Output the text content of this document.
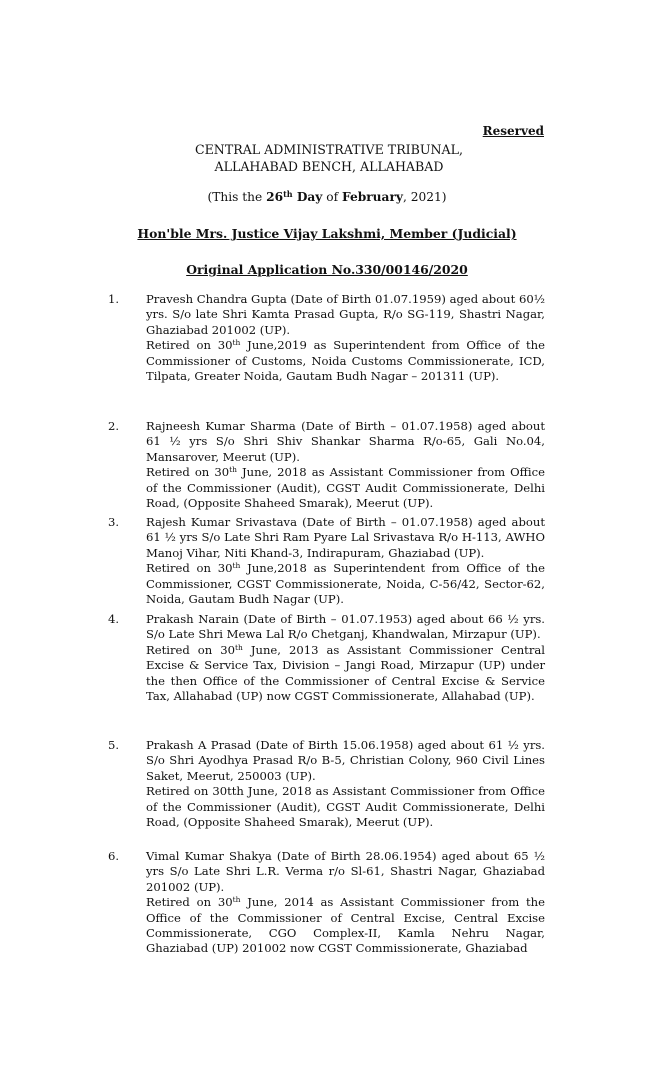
Reserved
CENTRAL ADMINISTRATIVE TRIBUNAL,
ALLAHABAD BENCH, ALLAHABAD
(This the 26th Day of February, 2021)
Hon'ble Mrs. Justice Vijay Lakshmi, Member (Judicial)
Original Application No.330/00146/2020
1. Pravesh Chandra Gupta (Date of Birth 01.07.1959) aged about 60½ yrs. S/o late Shri Kamta Prasad Gupta, R/o SG-119, Shastri Nagar, Ghaziabad 201002 (UP).

Retired on 30th June,2019 as Superintendent from Office of the Commissioner of Customs, Noida Customs Commissionerate, ICD, Tilpata, Greater Noida, Gautam Budh Nagar – 201311 (UP).

2. Rajneesh Kumar Sharma (Date of Birth – 01.07.1958) aged about 61 ½ yrs S/o Shri Shiv Shankar Sharma R/o-65, Gali No.04, Mansarover, Meerut (UP).

Retired on 30th June, 2018 as Assistant Commissioner from Office of the Commissioner (Audit), CGST Audit Commissionerate, Delhi Road, (Opposite Shaheed Smarak), Meerut (UP).

3. Rajesh Kumar Srivastava (Date of Birth – 01.07.1958) aged about 61 ½ yrs S/o Late Shri Ram Pyare Lal Srivastava R/o H-113, AWHO Manoj Vihar, Niti Khand-3, Indirapuram, Ghaziabad (UP).

Retired on 30th June,2018 as Superintendent from Office of the Commissioner, CGST Commissionerate, Noida, C-56/42, Sector-62, Noida, Gautam Budh Nagar (UP).

4. Prakash Narain (Date of Birth – 01.07.1953) aged about 66 ½ yrs. S/o Late Shri Mewa Lal R/o Chetganj, Khandwalan, Mirzapur (UP).

Retired on 30th June, 2013 as Assistant Commissioner Central Excise & Service Tax, Division – Jangi Road, Mirzapur (UP) under the then Office of the Commissioner of Central Excise & Service Tax, Allahabad (UP) now CGST Commissionerate, Allahabad (UP).

5. Prakash A Prasad (Date of Birth 15.06.1958) aged about 61 ½ yrs. S/o Shri Ayodhya Prasad R/o B-5, Christian Colony, 960 Civil Lines Saket, Meerut, 250003 (UP).

Retired on 30tth June, 2018 as Assistant Commissioner from Office of the Commissioner (Audit), CGST Audit Commissionerate, Delhi Road, (Opposite Shaheed Smarak), Meerut (UP).

6. Vimal Kumar Shakya (Date of Birth 28.06.1954) aged about 65 ½ yrs S/o Late Shri L.R. Verma r/o Sl-61, Shastri Nagar, Ghaziabad 201002 (UP).

Retired on 30th June, 2014 as Assistant Commissioner from the Office of the Commissioner of Central Excise, Central Excise Commissionerate, CGO Complex-II, Kamla Nehru Nagar, Ghaziabad (UP) 201002 now CGST Commissionerate, Ghaziabad
